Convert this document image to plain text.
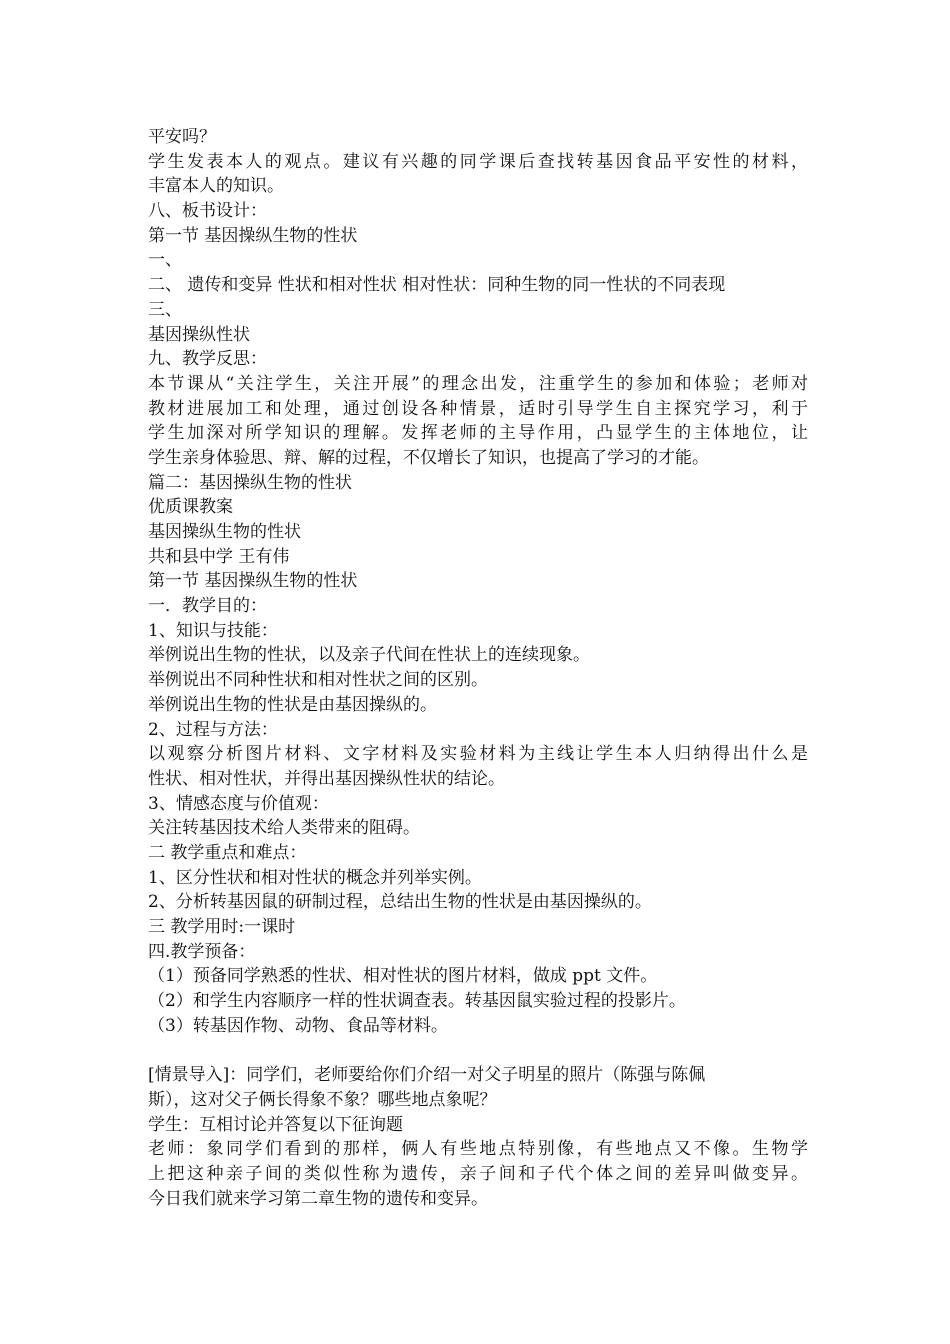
平安吗？
学生发表本人的观点。建议有兴趣的同学课后查找转基因食品平安性的材料，
丰富本人的知识。
八、板书设计：
第一节 基因操纵生物的性状
一、
二、 遗传和变异 性状和相对性状 相对性状：同种生物的同一性状的不同表现
三、
基因操纵性状
九、教学反思：
本节课从“关注学生，关注开展”的理念出发，注重学生的参加和体验；老师对
教材进展加工和处理，通过创设各种情景，适时引导学生自主探究学习，利于
学生加深对所学知识的理解。发挥老师的主导作用，凸显学生的主体地位，让
学生亲身体验思、辩、解的过程，不仅增长了知识，也提高了学习的才能。
篇二：基因操纵生物的性状
优质课教案
基因操纵生物的性状
共和县中学 王有伟
第一节 基因操纵生物的性状
一．教学目的：
1、知识与技能：
举例说出生物的性状，以及亲子代间在性状上的连续现象。
举例说出不同种性状和相对性状之间的区别。
举例说出生物的性状是由基因操纵的。
2、过程与方法：
以观察分析图片材料、文字材料及实验材料为主线让学生本人归纳得出什么是
性状、相对性状，并得出基因操纵性状的结论。
3、情感态度与价值观：
关注转基因技术给人类带来的阻碍。
二 教学重点和难点：
1、区分性状和相对性状的概念并列举实例。
2、分析转基因鼠的研制过程，总结出生物的性状是由基因操纵的。
三 教学用时:一课时
四.教学预备：
（1）预备同学熟悉的性状、相对性状的图片材料，做成 ppt 文件。
（2）和学生内容顺序一样的性状调查表。转基因鼠实验过程的投影片。
（3）转基因作物、动物、食品等材料。
[情景导入]：同学们，老师要给你们介绍一对父子明星的照片（陈强与陈佩
斯），这对父子俩长得象不象？哪些地点象呢？
学生：互相讨论并答复以下征询题
老师：象同学们看到的那样，俩人有些地点特别像，有些地点又不像。生物学
上把这种亲子间的类似性称为遗传，亲子间和子代个体之间的差异叫做变异。
今日我们就来学习第二章生物的遗传和变异。
